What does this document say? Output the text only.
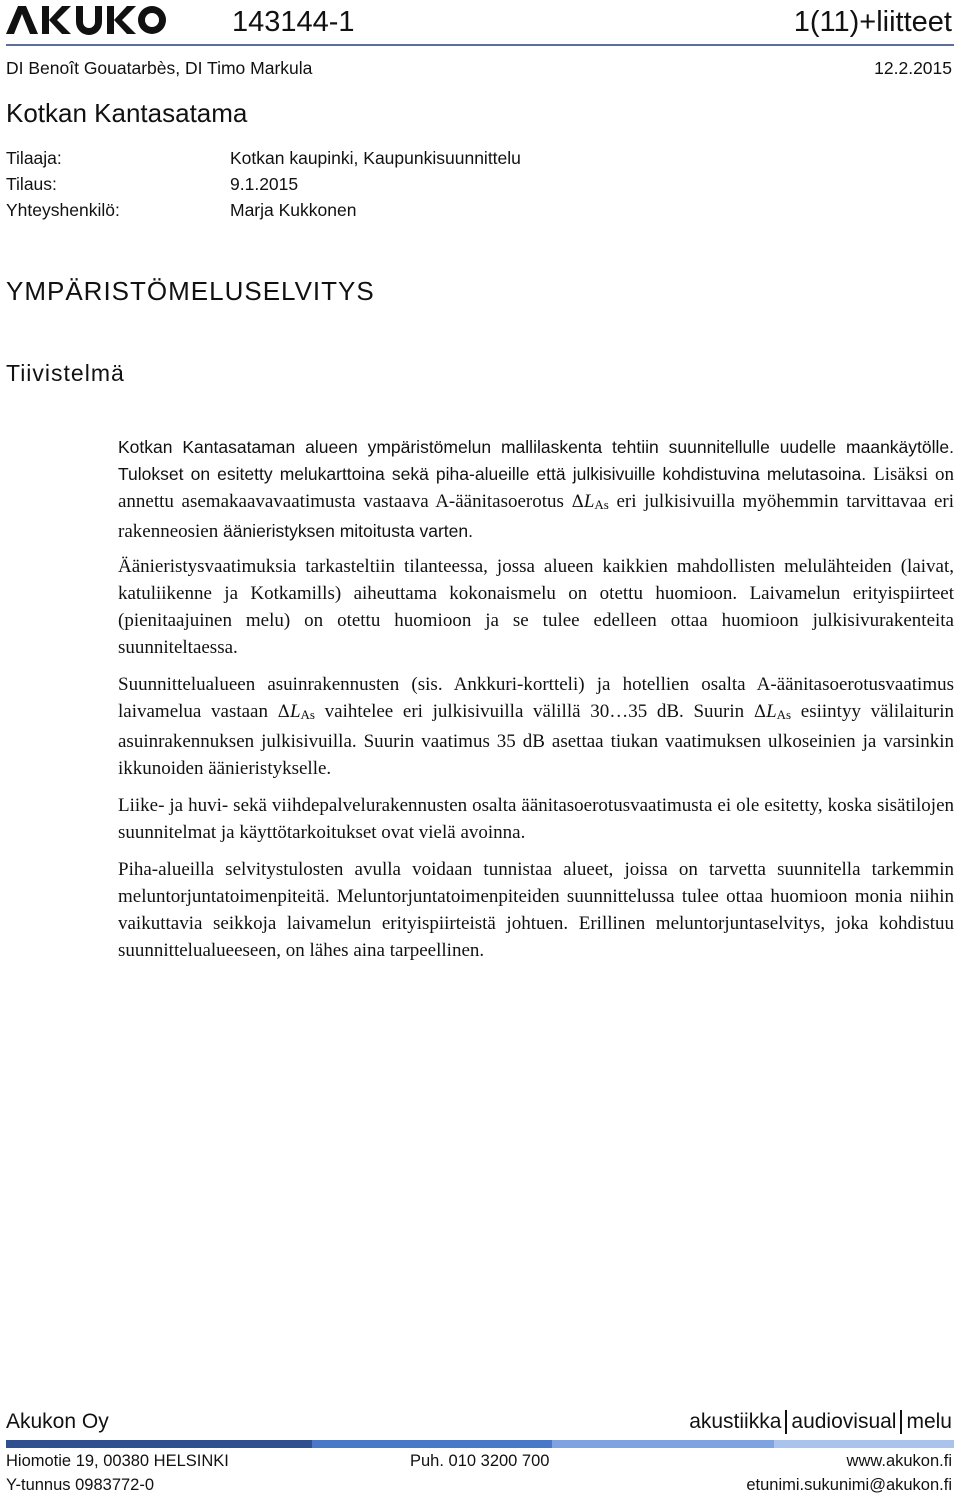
143144-1	1(11)+liitteet
DI Benoît Gouatarbès, DI Timo Markula	12.2.2015
Kotkan Kantasatama
Tilaaja:	Kotkan kaupinki, Kaupunkisuunnittelu
Tilaus:	9.1.2015
Yhteyshenkilö:	Marja Kukkonen
YMPÄRISTÖMELUSELVITYS
Tiivistelmä

Kotkan Kantasataman alueen ympäristömelun mallilaskenta tehtiin suunnitellulle uudelle maankäytölle. Tulokset on esitetty melukarttoina sekä piha-alueille että julkisivuille kohdistuvina melutasoina. Lisäksi on annettu asemakaavavaatimusta vastaava A-äänitasoerotus ΔLAs eri julkisivuilla myöhemmin tarvittavaa eri rakenneosien äänieristyksen mitoitusta varten.

Äänieristysvaatimuksia tarkasteltiin tilanteessa, jossa alueen kaikkien mahdollisten melulähteiden (laivat, katuliikenne ja Kotkamills) aiheuttama kokonaismelu on otettu huomioon. Laivamelun erityispiirteet (pienitaajuinen melu) on otettu huomioon ja se tulee edelleen ottaa huomioon julkisivurakenteita suunniteltaessa.

Suunnittelualueen asuinrakennusten (sis. Ankkuri-kortteli) ja hotellien osalta A-äänitasoerotusvaatimus laivamelua vastaan ΔLAs vaihtelee eri julkisivuilla välillä 30…35 dB. Suurin ΔLAs esiintyy välilaiturin asuinrakennuksen julkisivuilla. Suurin vaatimus 35 dB asettaa tiukan vaatimuksen ulkoseinien ja varsinkin ikkunoiden äänieristykselle.

Liike- ja huvi- sekä viihdepalvelurakennusten osalta äänitasoerotusvaatimusta ei ole esitetty, koska sisätilojen suunnitelmat ja käyttötarkoitukset ovat vielä avoinna.

Piha-alueilla selvitystulosten avulla voidaan tunnistaa alueet, joissa on tarvetta suunnitella tarkemmin meluntorjuntatoimenpiteitä. Meluntorjuntatoimenpiteiden suunnittelussa tulee ottaa huomioon monia niihin vaikuttavia seikkoja laivamelun erityispiirteistä johtuen. Erillinen meluntorjuntaselvitys, joka kohdistuu suunnittelualueeseen, on lähes aina tarpeellinen.

Akukon Oy	akustiikka audiovisual melu
Hiomotie 19, 00380 HELSINKI	Puh. 010 3200 700	www.akukon.fi
Y-tunnus 0983772-0	etunimi.sukunimi@akukon.fi
